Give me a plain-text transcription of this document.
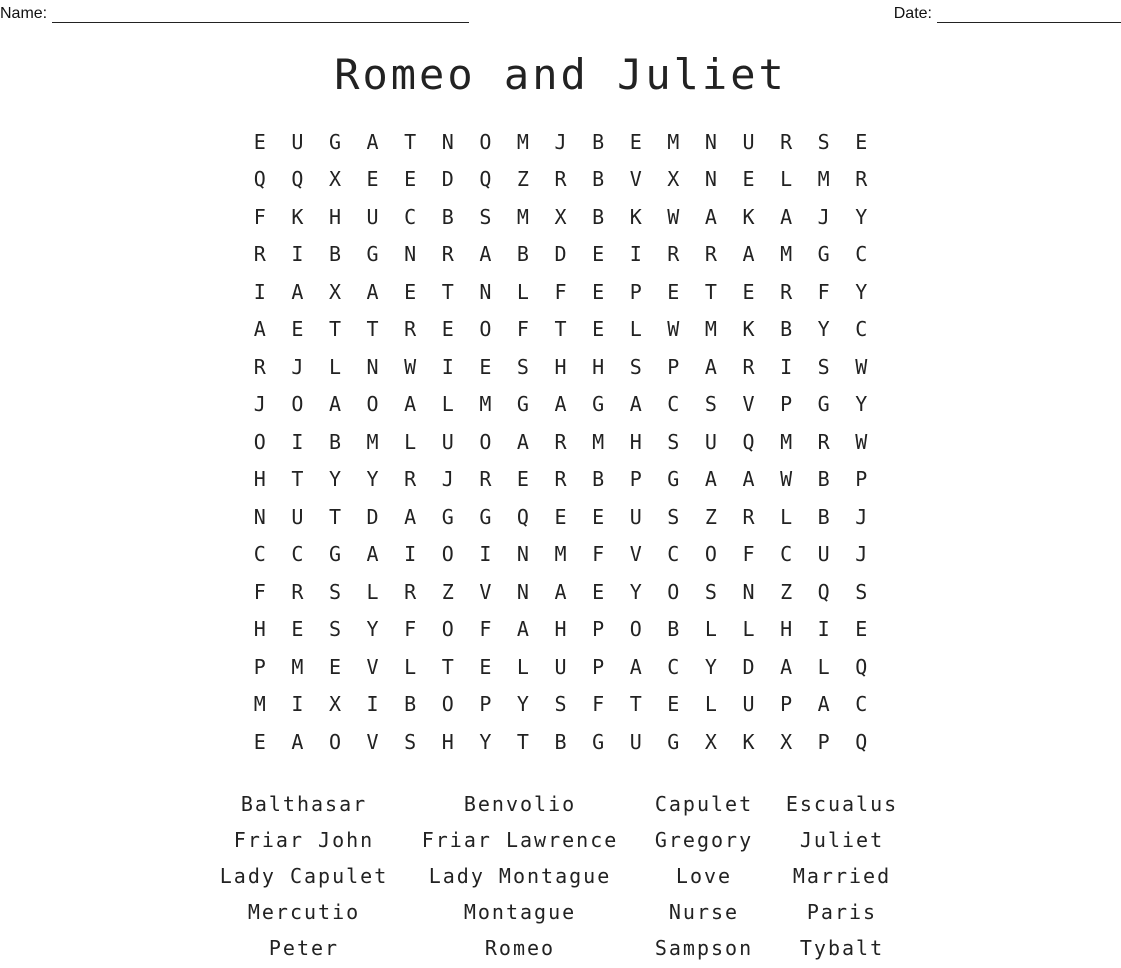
Name:	Date:
Romeo and Juliet
E	U	G	A	T	N	O	M	J	B	E	M	N	U	R	S	E
Q	Q	X	E	E	D	Q	Z	R	B	V	X	N	E	L	M	R
F	K	H	U	C	B	S	M	X	B	K	W	A	K	A	J	Y
R	I	B	G	N	R	A	B	D	E	I	R	R	A	M	G	C
I	A	X	A	E	T	N	L	F	E	P	E	T	E	R	F	Y
A	E	T	T	R	E	O	F	T	E	L	W	M	K	B	Y	C
R	J	L	N	W	I	E	S	H	H	S	P	A	R	I	S	W
J	O	A	O	A	L	M	G	A	G	A	C	S	V	P	G	Y
O	I	B	M	L	U	O	A	R	M	H	S	U	Q	M	R	W
H	T	Y	Y	R	J	R	E	R	B	P	G	A	A	W	B	P
N	U	T	D	A	G	G	Q	E	E	U	S	Z	R	L	B	J
C	C	G	A	I	O	I	N	M	F	V	C	O	F	C	U	J
F	R	S	L	R	Z	V	N	A	E	Y	O	S	N	Z	Q	S
H	E	S	Y	F	O	F	A	H	P	O	B	L	L	H	I	E
P	M	E	V	L	T	E	L	U	P	A	C	Y	D	A	L	Q
M	I	X	I	B	O	P	Y	S	F	T	E	L	U	P	A	C
E	A	O	V	S	H	Y	T	B	G	U	G	X	K	X	P	Q
Balthasar	Benvolio	Capulet	Escualus
Friar John	Friar Lawrence	Gregory	Juliet
Lady Capulet	Lady Montague	Love	Married
Mercutio	Montague	Nurse	Paris
Peter	Romeo	Sampson	Tybalt
